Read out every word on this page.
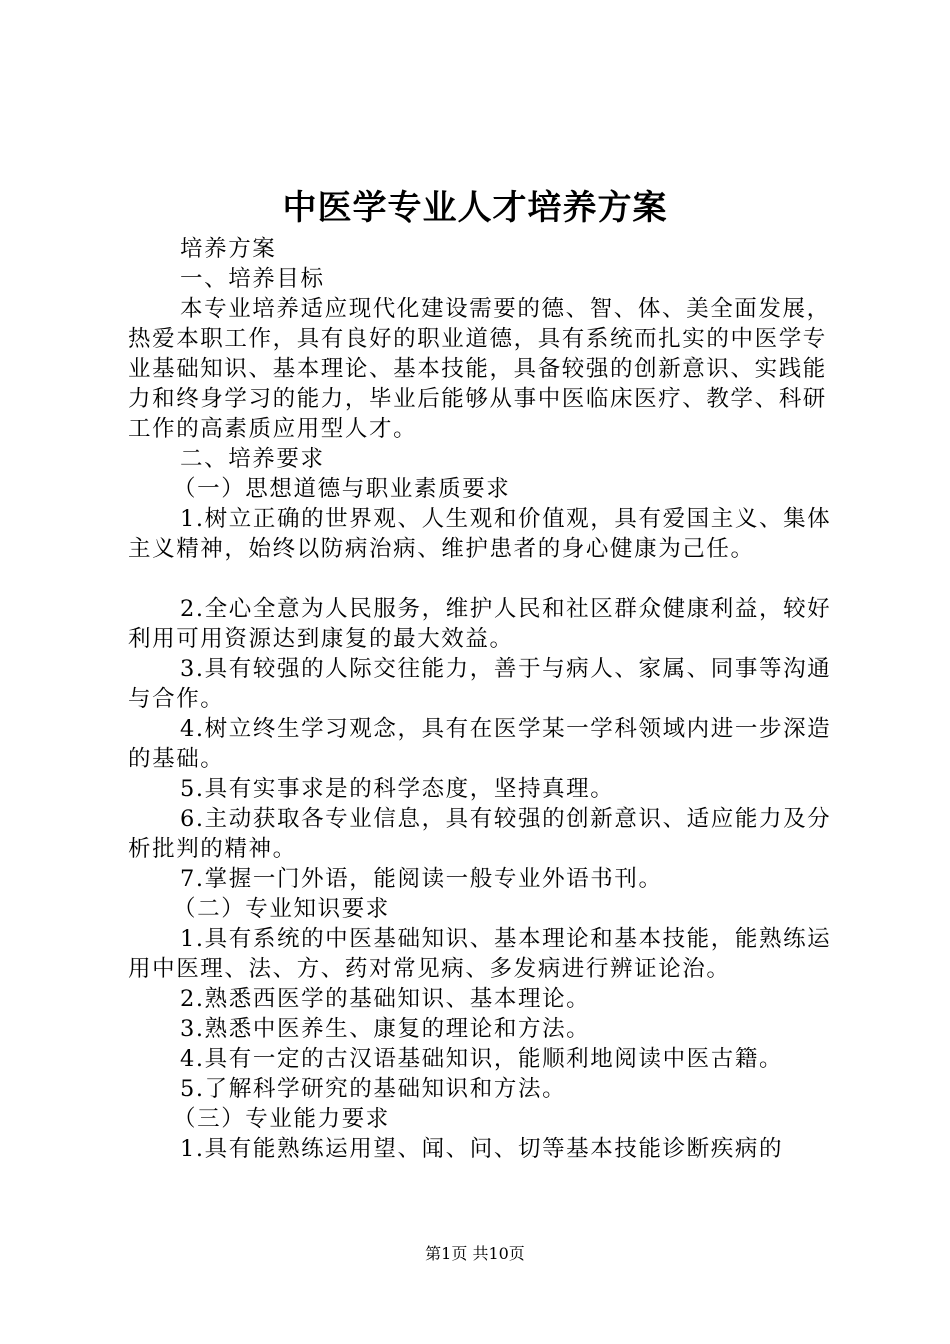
中医学专业人才培养方案

培养方案

一、培养目标

本专业培养适应现代化建设需要的德、智、体、美全面发展，热爱本职工作，具有良好的职业道德，具有系统而扎实的中医学专业基础知识、基本理论、基本技能，具备较强的创新意识、实践能力和终身学习的能力，毕业后能够从事中医临床医疗、教学、科研工作的高素质应用型人才。

二、培养要求

（一）思想道德与职业素质要求

1.树立正确的世界观、人生观和价值观，具有爱国主义、集体主义精神，始终以防病治病、维护患者的身心健康为己任。

2.全心全意为人民服务，维护人民和社区群众健康利益，较好利用可用资源达到康复的最大效益。

3.具有较强的人际交往能力，善于与病人、家属、同事等沟通与合作。

4.树立终生学习观念，具有在医学某一学科领域内进一步深造的基础。

5.具有实事求是的科学态度，坚持真理。

6.主动获取各专业信息，具有较强的创新意识、适应能力及分析批判的精神。

7.掌握一门外语，能阅读一般专业外语书刊。

（二）专业知识要求

1.具有系统的中医基础知识、基本理论和基本技能，能熟练运用中医理、法、方、药对常见病、多发病进行辨证论治。

2.熟悉西医学的基础知识、基本理论。

3.熟悉中医养生、康复的理论和方法。

4.具有一定的古汉语基础知识，能顺利地阅读中医古籍。

5.了解科学研究的基础知识和方法。

（三）专业能力要求

1.具有能熟练运用望、闻、问、切等基本技能诊断疾病的

第1页 共10页
